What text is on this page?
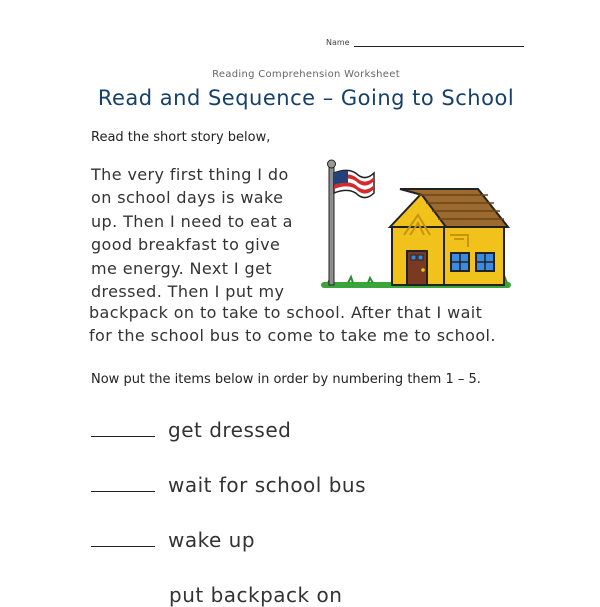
Name
Reading Comprehension Worksheet
Read and Sequence – Going to School
Read the short story below,
The very first thing I do
on school days is wake
up. Then I need to eat a
good breakfast to give
me energy. Next I get
dressed. Then I put my
backpack on to take to school. After that I wait
for the school bus to come to take me to school.
Now put the items below in order by numbering them 1 – 5.
get dressed
wait for school bus
wake up
put backpack on
